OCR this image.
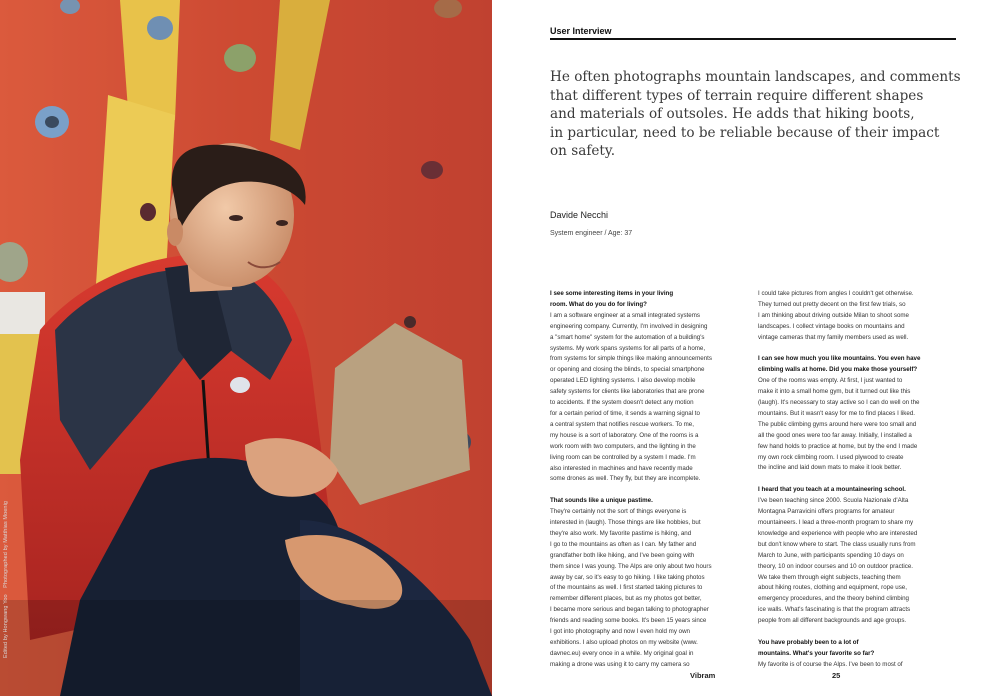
Edited by Hongwang Yoo    Photographed by Matthias Moenig
User Interview
He often photographs mountain landscapes, and comments
that different types of terrain require different shapes
and materials of outsoles. He adds that hiking boots,
in particular, need to be reliable because of their impact
on safety.
Davide Necchi
System engineer / Age: 37
I see some interesting items in your living
room. What do you do for living?
I am a software engineer at a small integrated systems
engineering company. Currently, I'm involved in designing
a "smart home" system for the automation of a building's
systems. My work spans systems for all parts of a home,
from systems for simple things like making announcements
or opening and closing the blinds, to special smartphone
operated LED lighting systems. I also develop mobile
safety systems for clients like laboratories that are prone
to accidents. If the system doesn't detect any motion
for a certain period of time, it sends a warning signal to
a central system that notifies rescue workers. To me,
my house is a sort of laboratory. One of the rooms is a
work room with two computers, and the lighting in the
living room can be controlled by a system I made. I'm
also interested in machines and have recently made
some drones as well. They fly, but they are incomplete.
That sounds like a unique pastime.
They're certainly not the sort of things everyone is
interested in (laugh). Those things are like hobbies, but
they're also work. My favorite pastime is hiking, and
I go to the mountains as often as I can. My father and
grandfather both like hiking, and I've been going with
them since I was young. The Alps are only about two hours
away by car, so it's easy to go hiking. I like taking photos
of the mountains as well. I first started taking pictures to
remember different places, but as my photos got better,
I became more serious and began talking to photographer
friends and reading some books. It's been 15 years since
I got into photography and now I even hold my own
exhibitions. I also upload photos on my website (www.
davnec.eu) every once in a while. My original goal in
making a drone was using it to carry my camera so
I could take pictures from angles I couldn't get otherwise.
They turned out pretty decent on the first few trials, so
I am thinking about driving outside Milan to shoot some
landscapes. I collect vintage books on mountains and
vintage cameras that my family members used as well.
I can see how much you like mountains. You even have
climbing walls at home. Did you make those yourself?
One of the rooms was empty. At first, I just wanted to
make it into a small home gym, but it turned out like this
(laugh). It's necessary to stay active so I can do well on the
mountains. But it wasn't easy for me to find places I liked.
The public climbing gyms around here were too small and
all the good ones were too far away. Initially, I installed a
few hand holds to practice at home, but by the end I made
my own rock climbing room. I used plywood to create
the incline and laid down mats to make it look better.
I heard that you teach at a mountaineering school.
I've been teaching since 2000. Scuola Nazionale d'Alta
Montagna Parravicini offers programs for amateur
mountaineers. I lead a three-month program to share my
knowledge and experience with people who are interested
but don't know where to start. The class usually runs from
March to June, with participants spending 10 days on
theory, 10 on indoor courses and 10 on outdoor practice.
We take them through eight subjects, teaching them
about hiking routes, clothing and equipment, rope use,
emergency procedures, and the theory behind climbing
ice walls. What's fascinating is that the program attracts
people from all different backgrounds and age groups.
You have probably been to a lot of
mountains. What's your favorite so far?
My favorite is of course the Alps. I've been to most of
Vibram	25
